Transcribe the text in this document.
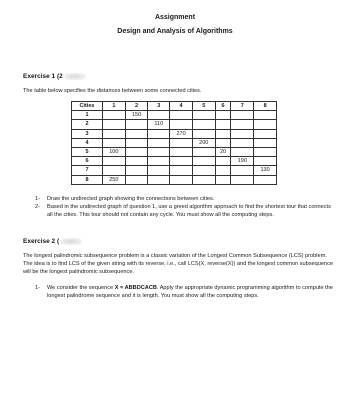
Assignment
Design and Analysis of Algorithms
Exercise 1 (2
The table below specifies the distances between some connected cities.
Cities	1	2	3	4	5	6	7	8
1		150						
2			110					
3				270				
4					200			
5	100					20		
6							190	
7								130
8	250							
1- Draw the undirected graph showing the connections between cities.
2- Based in the undirected graph of question 1, use a greed algorithm approach to find the shortest tour that connects all the cities. This tour should not contain any cycle. You must show all the computing steps.
Exercise 2 (
The longest palindromic subsequence problem is a classic variation of the Longest Common Subsequence (LCS) problem. The idea is to find LCS of the given string with its reverse, i.e., call LCS(X, reverse(X)) and the longest common subsequence will be the longest palindromic subsequence.
1- We consider the sequence X = ABBDCACB. Apply the appropriate dynamic programming algorithm to compute the longest palindrome sequence and it is length. You must show all the computing steps.
